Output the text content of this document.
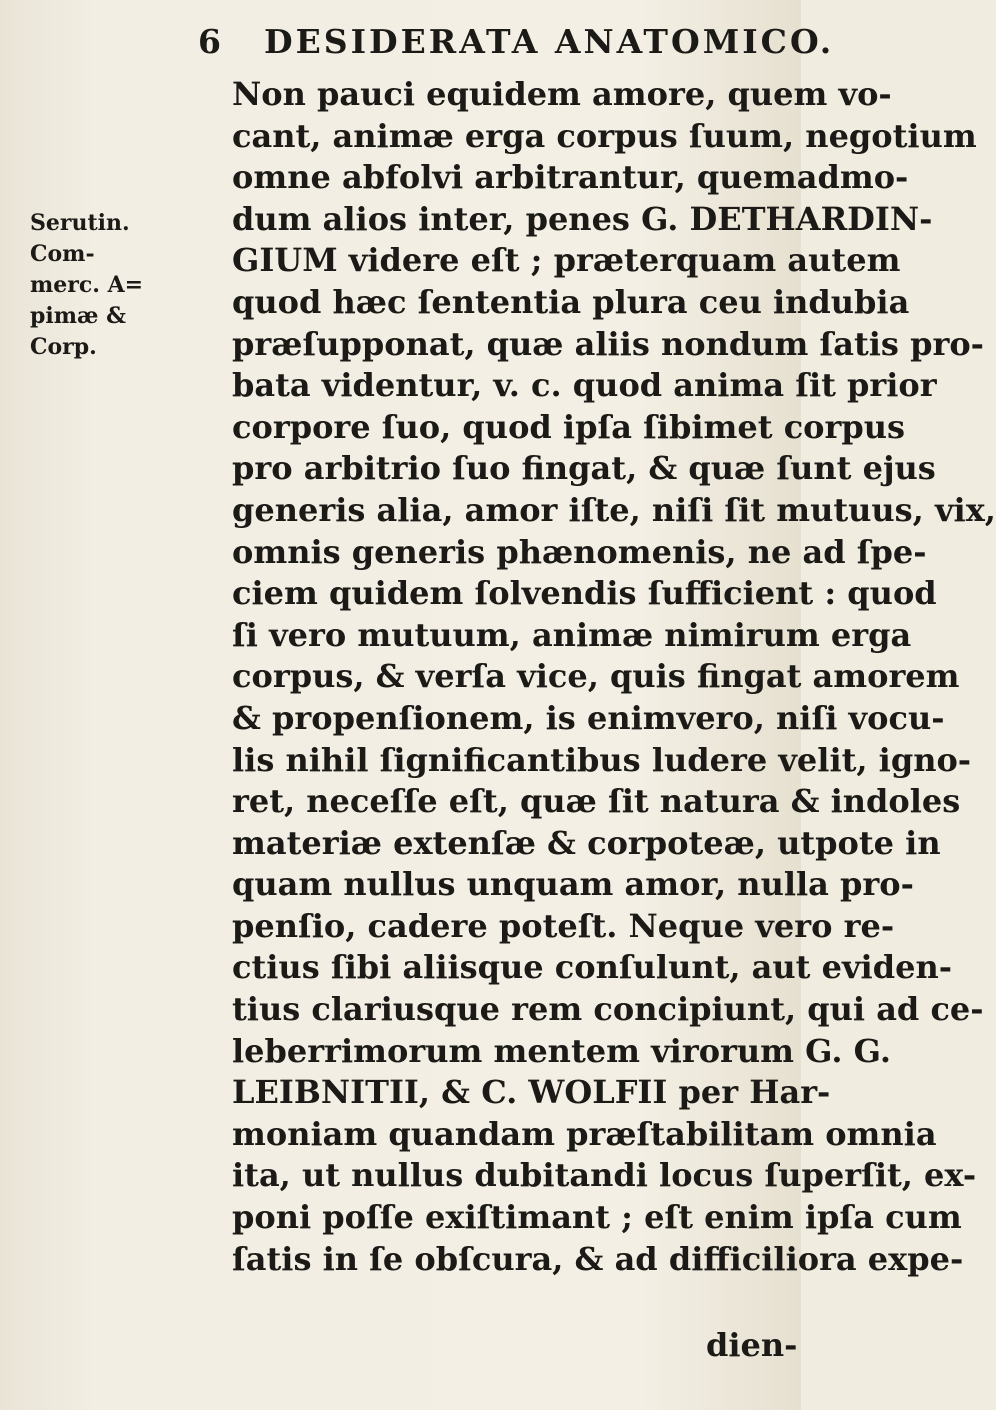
6 DESIDERATA ANATOMICO.
Serutin.
Com-
merc. A=
pimæ &
Corp.
Non pauci equidem amore, quem vo-
cant, animæ erga corpus ſuum, negotium
omne abfolvi arbitrantur, quemadmo-
dum alios inter, penes G. DETHARDIN-
GIUM videre eſt ; præterquam autem
quod hæc ſententia plura ceu indubia
præſupponat, quæ aliis nondum ſatis pro-
bata videntur, v. c. quod anima ſit prior
corpore ſuo, quod ipſa ſibimet corpus
pro arbitrio ſuo fingat, & quæ ſunt ejus
generis alia, amor iſte, niſi ſit mutuus, vix,
omnis generis phænomenis, ne ad ſpe-
ciem quidem ſolvendis ſufficient : quod
ſi vero mutuum, animæ nimirum erga
corpus, & verſa vice, quis fingat amorem
& propenſionem, is enimvero, niſi vocu-
lis nihil ſignificantibus ludere velit, igno-
ret, neceſſe eſt, quæ ſit natura & indoles
materiæ extenſæ & corpoteæ, utpote in
quam nullus unquam amor, nulla pro-
penſio, cadere poteſt. Neque vero re-
ctius ſibi aliisque conſulunt, aut eviden-
tius clariusque rem concipiunt, qui ad ce-
leberrimorum mentem virorum G. G.
LEIBNITII, & C. WOLFII per Har-
moniam quandam præſtabilitam omnia
ita, ut nullus dubitandi locus ſuperſit, ex-
poni poſſe exiſtimant ; eſt enim ipſa cum
ſatis in ſe obſcura, & ad difficiliora expe-
dien-
